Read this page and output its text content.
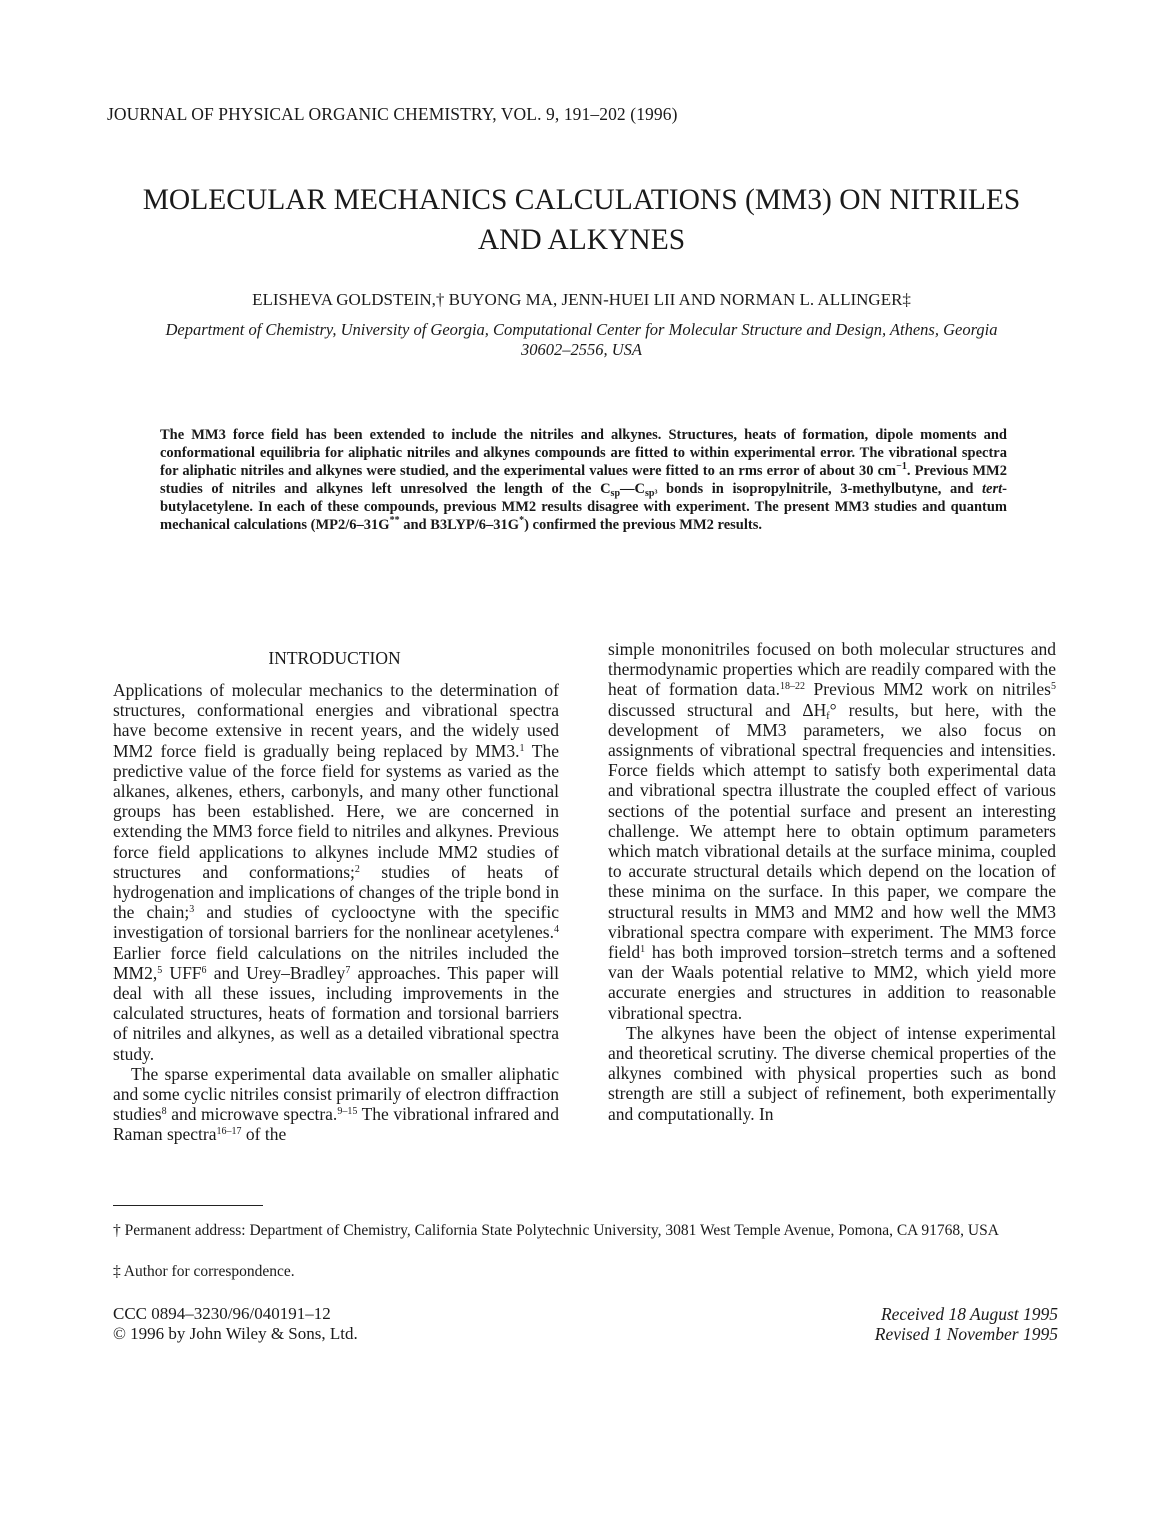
JOURNAL OF PHYSICAL ORGANIC CHEMISTRY, VOL. 9, 191–202 (1996)
MOLECULAR MECHANICS CALCULATIONS (MM3) ON NITRILES AND ALKYNES
ELISHEVA GOLDSTEIN,† BUYONG MA, JENN-HUEI LII AND NORMAN L. ALLINGER‡
Department of Chemistry, University of Georgia, Computational Center for Molecular Structure and Design, Athens, Georgia
30602–2556, USA

The MM3 force field has been extended to include the nitriles and alkynes. Structures, heats of formation, dipole moments and conformational equilibria for aliphatic nitriles and alkynes compounds are fitted to within experimental error. The vibrational spectra for aliphatic nitriles and alkynes were studied, and the experimental values were fitted to an rms error of about 30 $cm^{-1}$. Previous MM2 studies of nitriles and alkynes left unresolved the length of the $C_{sp}—C_{sp^3}$ bonds in isopropylnitrile, 3-methylbutyne, and tert-butylacetylene. In each of these compounds, previous MM2 results disagree with experiment. The present MM3 studies and quantum mechanical calculations (MP2/6–31G** and B3LYP/6–31G*) confirmed the previous MM2 results.

INTRODUCTION

Applications of molecular mechanics to the determination of structures, conformational energies and vibrational spectra have become extensive in recent years, and the widely used MM2 force field is gradually being replaced by MM3.$^1$ The predictive value of the force field for systems as varied as the alkanes, alkenes, ethers, carbonyls, and many other functional groups has been established. Here, we are concerned in extending the MM3 force field to nitriles and alkynes. Previous force field applications to alkynes include MM2 studies of structures and conformations;$^2$ studies of heats of hydrogenation and implications of changes of the triple bond in the chain;$^3$ and studies of cyclooctyne with the specific investigation of torsional barriers for the nonlinear acetylenes.$^4$ Earlier force field calculations on the nitriles included the MM2,$^5$ UFF$^6$ and Urey–Bradley$^7$ approaches. This paper will deal with all these issues, including improvements in the calculated structures, heats of formation and torsional barriers of nitriles and alkynes, as well as a detailed vibrational spectra study.

The sparse experimental data available on smaller aliphatic and some cyclic nitriles consist primarily of electron diffraction studies$^8$ and microwave spectra.$^{9-15}$ The vibrational infrared and Raman spectra$^{16-17}$ of the

simple mononitriles focused on both molecular structures and thermodynamic properties which are readily compared with the heat of formation data.$^{18-22}$ Previous MM2 work on nitriles$^5$ discussed structural and $\Delta H_f^\circ$ results, but here, with the development of MM3 parameters, we also focus on assignments of vibrational spectral frequencies and intensities. Force fields which attempt to satisfy both experimental data and vibrational spectra illustrate the coupled effect of various sections of the potential surface and present an interesting challenge. We attempt here to obtain optimum parameters which match vibrational details at the surface minima, coupled to accurate structural details which depend on the location of these minima on the surface. In this paper, we compare the structural results in MM3 and MM2 and how well the MM3 vibrational spectra compare with experiment. The MM3 force field$^1$ has both improved torsion–stretch terms and a softened van der Waals potential relative to MM2, which yield more accurate energies and structures in addition to reasonable vibrational spectra.

The alkynes have been the object of intense experimental and theoretical scrutiny. The diverse chemical properties of the alkynes combined with physical properties such as bond strength are still a subject of refinement, both experimentally and computationally. In

† Permanent address: Department of Chemistry, California State Polytechnic University, 3081 West Temple Avenue, Pomona, CA 91768, USA
‡ Author for correspondence.
CCC 0894–3230/96/040191–12
© 1996 by John Wiley & Sons, Ltd.
Received 18 August 1995
Revised 1 November 1995
